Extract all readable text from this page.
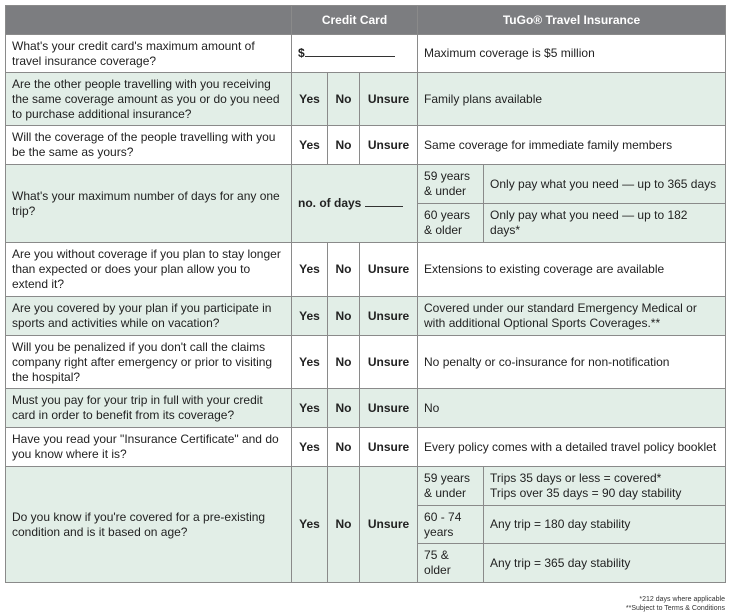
	Credit Card			TuGo® Travel Insurance	
What's your credit card's maximum amount of travel insurance coverage?	$			Maximum coverage is $5 million	
Are the other people travelling with you receiving the same coverage amount as you or do you need to purchase additional insurance?	Yes	No	Unsure	Family plans available	
Will the coverage of the people travelling with you be the same as yours?	Yes	No	Unsure	Same coverage for immediate family members	
What's your maximum number of days for any one trip?	no. of days			59 years & under	Only pay what you need — up to 365 days
				60 years & older	Only pay what you need — up to 182 days*
Are you without coverage if you plan to stay longer than expected or does your plan allow you to extend it?	Yes	No	Unsure	Extensions to existing coverage are available	
Are you covered by your plan if you participate in sports and activities while on vacation?	Yes	No	Unsure	Covered under our standard Emergency Medical or with additional Optional Sports Coverages.**	
Will you be penalized if you don't call the claims company right after emergency or prior to visiting the hospital?	Yes	No	Unsure	No penalty or co-insurance for non-notification	
Must you pay for your trip in full with your credit card in order to benefit from its coverage?	Yes	No	Unsure	No	
Have you read your "Insurance Certificate" and do you know where it is?	Yes	No	Unsure	Every policy comes with a detailed travel policy booklet	
Do you know if you're covered for a pre-existing condition and is it based on age?	Yes	No	Unsure	59 years & under	Trips 35 days or less = covered*
Trips over 35 days = 90 day stability

				60 - 74 years	Any trip = 180 day stability
				75 & older	Any trip = 365 day stability
*212 days where applicable
**Subject to Terms & Conditions
